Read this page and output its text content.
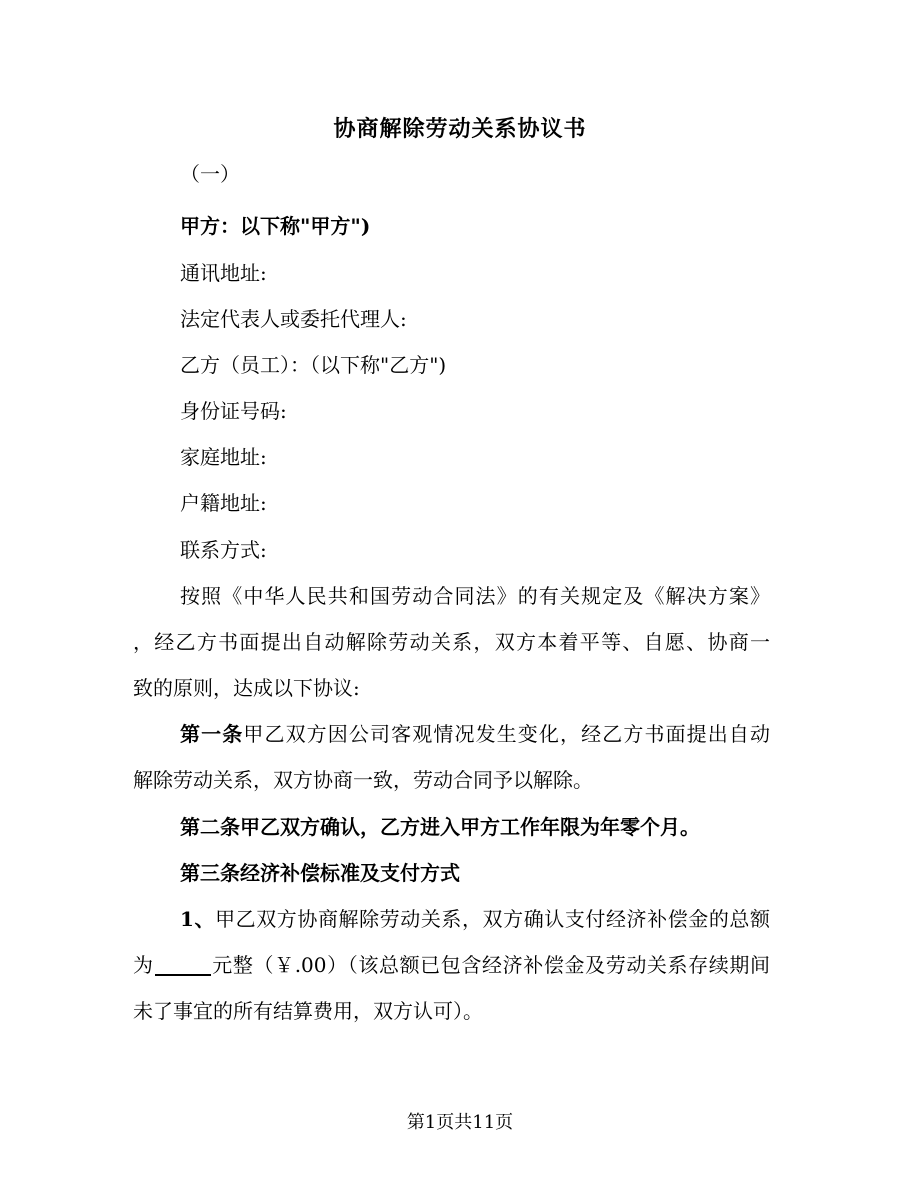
协商解除劳动关系协议书
（一）
甲方：以下称"甲方")
通讯地址:
法定代表人或委托代理人:
乙方（员工）：（以下称"乙方")
身份证号码:
家庭地址:
户籍地址:
联系方式:
按照《中华人民共和国劳动合同法》的有关规定及《解决方案》
，经乙方书面提出自动解除劳动关系，双方本着平等、自愿、协商一
致的原则，达成以下协议:
第一条甲乙双方因公司客观情况发生变化，经乙方书面提出自动
解除劳动关系，双方协商一致，劳动合同予以解除。
第二条甲乙双方确认，乙方进入甲方工作年限为年零个月。
第三条经济补偿标准及支付方式
1、甲乙双方协商解除劳动关系，双方确认支付经济补偿金的总额
为	元整（￥.00）（该总额已包含经济补偿金及劳动关系存续期间
未了事宜的所有结算费用，双方认可）。
第1页共11页
